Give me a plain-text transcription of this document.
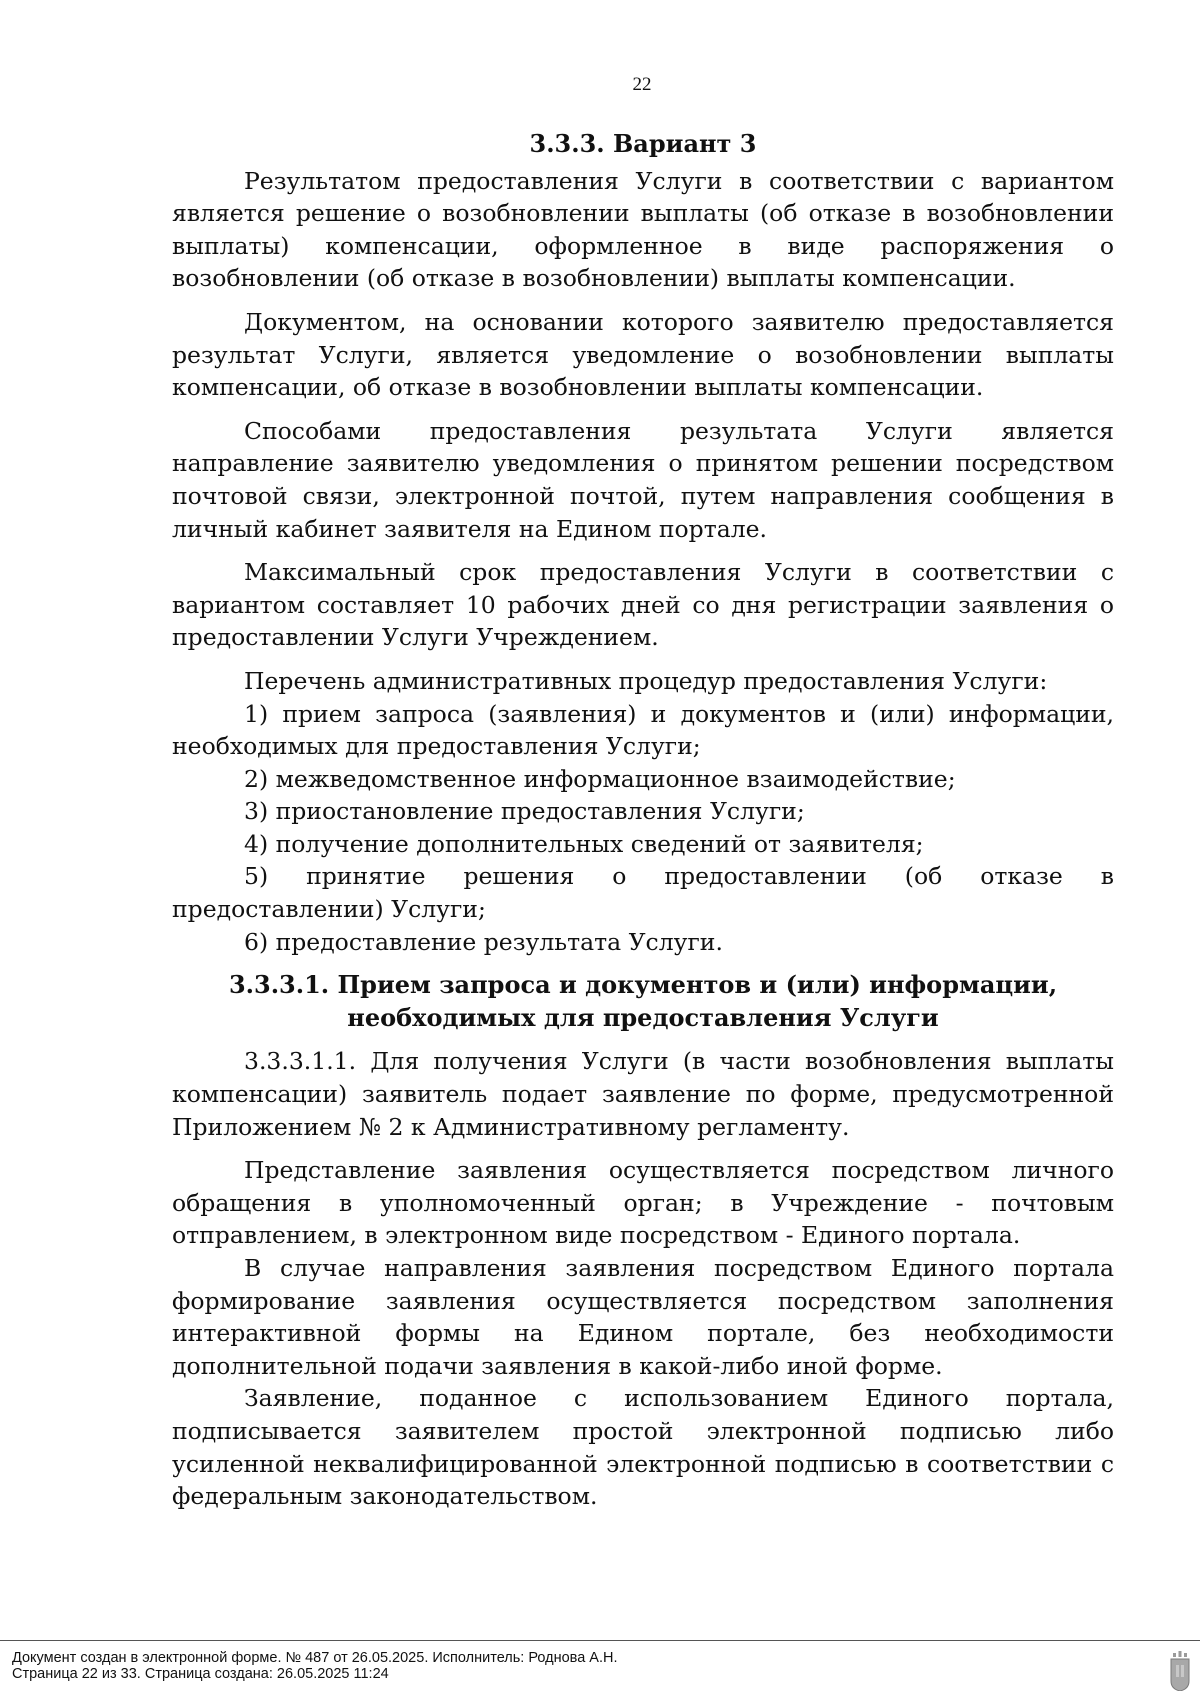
22

3.3.3. Вариант 3

Результатом предоставления Услуги в соответствии с вариантом является решение о возобновлении выплаты (об отказе в возобновлении выплаты) компенсации, оформленное в виде распоряжения о возобновлении (об отказе в возобновлении) выплаты компенсации.

Документом, на основании которого заявителю предоставляется результат Услуги, является уведомление о возобновлении выплаты компенсации, об отказе в возобновлении выплаты компенсации.

Способами предоставления результата Услуги является направление заявителю уведомления о принятом решении посредством почтовой связи, электронной почтой, путем направления сообщения в личный кабинет заявителя на Едином портале.

Максимальный срок предоставления Услуги в соответствии с вариантом составляет 10 рабочих дней со дня регистрации заявления о предоставлении Услуги Учреждением.

Перечень административных процедур предоставления Услуги:

1) прием запроса (заявления) и документов и (или) информации, необходимых для предоставления Услуги;

2) межведомственное информационное взаимодействие;

3) приостановление предоставления Услуги;

4) получение дополнительных сведений от заявителя;

5) принятие решения о предоставлении (об отказе в предоставлении) Услуги;

6) предоставление результата Услуги.

3.3.3.1. Прием запроса и документов и (или) информации, необходимых для предоставления Услуги

3.3.3.1.1. Для получения Услуги (в части возобновления выплаты компенсации) заявитель подает заявление по форме, предусмотренной Приложением № 2 к Административному регламенту.

Представление заявления осуществляется посредством личного обращения в уполномоченный орган; в Учреждение - почтовым отправлением, в электронном виде посредством - Единого портала.

В случае направления заявления посредством Единого портала формирование заявления осуществляется посредством заполнения интерактивной формы на Едином портале, без необходимости дополнительной подачи заявления в какой-либо иной форме.

Заявление, поданное с использованием Единого портала, подписывается заявителем простой электронной подписью либо усиленной неквалифицированной электронной подписью в соответствии с федеральным законодательством.

Документ создан в электронной форме. № 487 от 26.05.2025. Исполнитель: Роднова А.Н.
Страница 22 из 33. Страница создана: 26.05.2025 11:24
